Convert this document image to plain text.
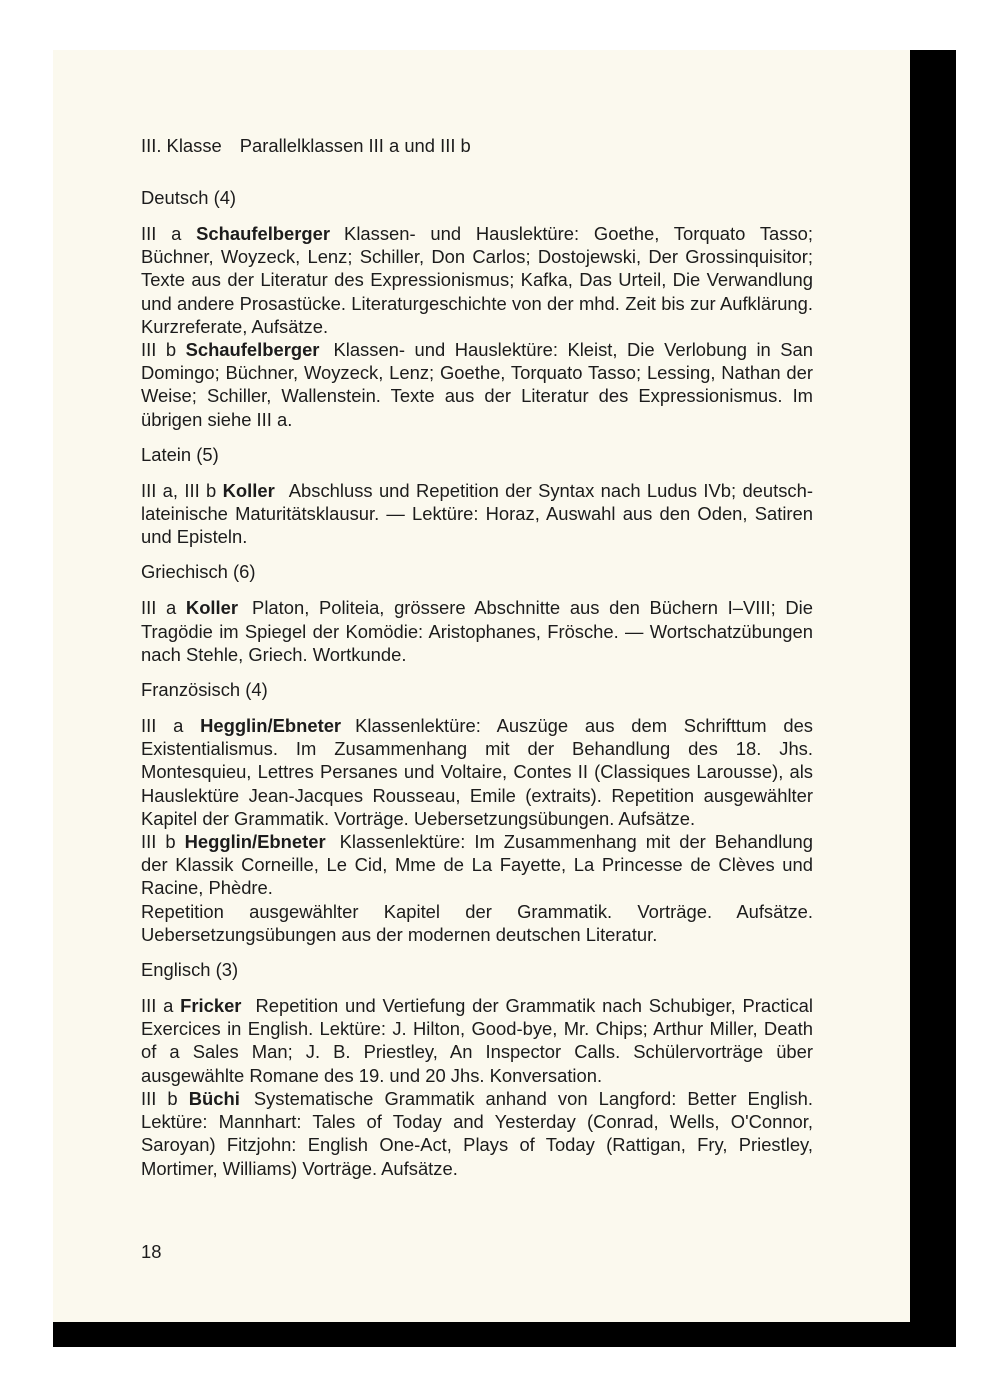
III. Klasse Parallelklassen III a und III b

Deutsch (4)

III a Schaufelberger Klassen- und Hauslektüre: Goethe, Torquato Tasso; Büchner, Woyzeck, Lenz; Schiller, Don Carlos; Dostojewski, Der Grossinquisitor; Texte aus der Literatur des Expressionismus; Kafka, Das Urteil, Die Verwandlung und andere Prosastücke. Literaturgeschichte von der mhd. Zeit bis zur Aufklärung. Kurzreferate, Aufsätze.

III b Schaufelberger Klassen- und Hauslektüre: Kleist, Die Verlobung in San Domingo; Büchner, Woyzeck, Lenz; Goethe, Torquato Tasso; Lessing, Nathan der Weise; Schiller, Wallenstein. Texte aus der Literatur des Expressionismus. Im übrigen siehe III a.

Latein (5)

III a, III b Koller Abschluss und Repetition der Syntax nach Ludus IVb; deutsch-lateinische Maturitätsklausur. — Lektüre: Horaz, Auswahl aus den Oden, Satiren und Episteln.

Griechisch (6)

III a Koller Platon, Politeia, grössere Abschnitte aus den Büchern I–VIII; Die Tragödie im Spiegel der Komödie: Aristophanes, Frösche. — Wortschatzübungen nach Stehle, Griech. Wortkunde.

Französisch (4)

III a Hegglin/Ebneter Klassenlektüre: Auszüge aus dem Schrifttum des Existentialismus. Im Zusammenhang mit der Behandlung des 18. Jhs. Montesquieu, Lettres Persanes und Voltaire, Contes II (Classiques Larousse), als Hauslektüre Jean-Jacques Rousseau, Emile (extraits). Repetition ausgewählter Kapitel der Grammatik. Vorträge. Uebersetzungsübungen. Aufsätze.

III b Hegglin/Ebneter Klassenlektüre: Im Zusammenhang mit der Behandlung der Klassik Corneille, Le Cid, Mme de La Fayette, La Princesse de Clèves und Racine, Phèdre.

Repetition ausgewählter Kapitel der Grammatik. Vorträge. Aufsätze. Uebersetzungsübungen aus der modernen deutschen Literatur.

Englisch (3)

III a Fricker Repetition und Vertiefung der Grammatik nach Schubiger, Practical Exercices in English. Lektüre: J. Hilton, Good-bye, Mr. Chips; Arthur Miller, Death of a Sales Man; J. B. Priestley, An Inspector Calls. Schülervorträge über ausgewählte Romane des 19. und 20 Jhs. Konversation.

III b Büchi Systematische Grammatik anhand von Langford: Better English. Lektüre: Mannhart: Tales of Today and Yesterday (Conrad, Wells, O'Connor, Saroyan) Fitzjohn: English One-Act, Plays of Today (Rattigan, Fry, Priestley, Mortimer, Williams) Vorträge. Aufsätze.

18
